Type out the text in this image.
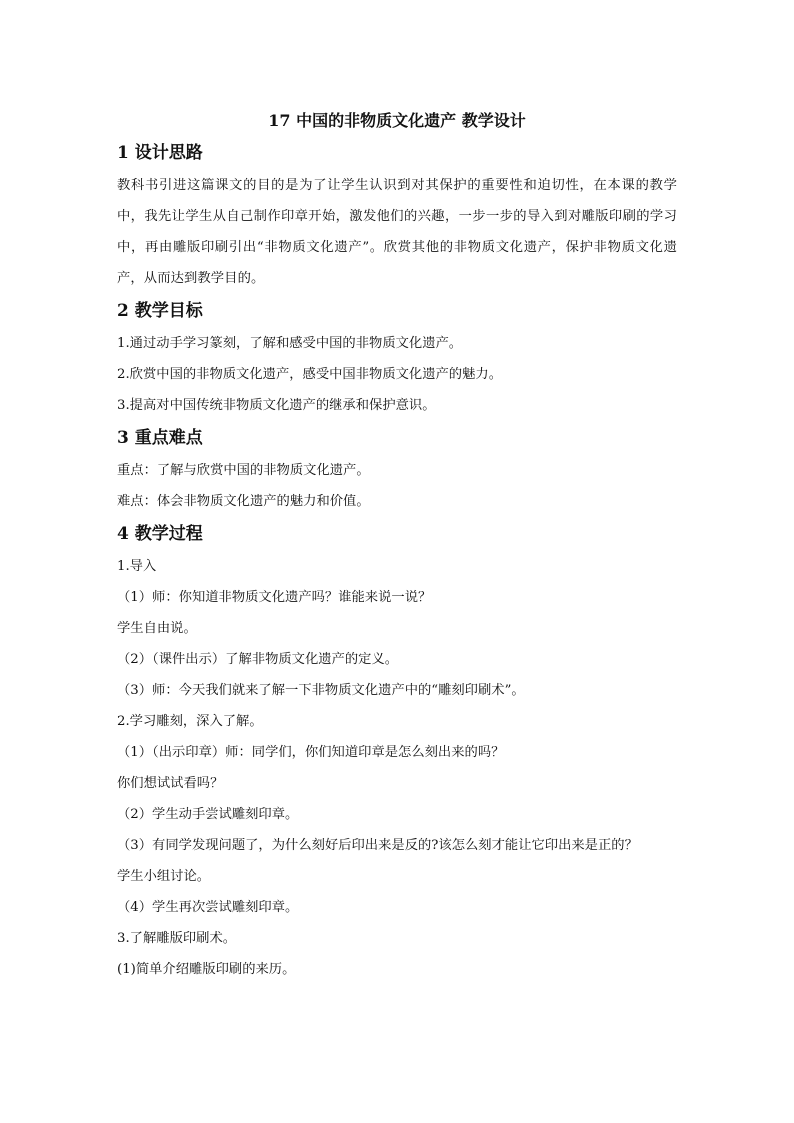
17 中国的非物质文化遗产 教学设计
1 设计思路

教科书引进这篇课文的目的是为了让学生认识到对其保护的重要性和迫切性，在本课的教学中，我先让学生从自己制作印章开始，激发他们的兴趣，一步一步的导入到对雕版印刷的学习中，再由雕版印刷引出“非物质文化遗产”。欣赏其他的非物质文化遗产，保护非物质文化遗产，从而达到教学目的。

2 教学目标

1.通过动手学习篆刻，了解和感受中国的非物质文化遗产。

2.欣赏中国的非物质文化遗产，感受中国非物质文化遗产的魅力。

3.提高对中国传统非物质文化遗产的继承和保护意识。

3 重点难点

重点：了解与欣赏中国的非物质文化遗产。

难点：体会非物质文化遗产的魅力和价值。

4 教学过程

1.导入

（1）师：你知道非物质文化遗产吗？谁能来说一说？

学生自由说。

（2）（课件出示）了解非物质文化遗产的定义。

（3）师：今天我们就来了解一下非物质文化遗产中的“雕刻印刷术”。

2.学习雕刻，深入了解。

（1）（出示印章）师：同学们，你们知道印章是怎么刻出来的吗？

你们想试试看吗？

（2）学生动手尝试雕刻印章。

（3）有同学发现问题了，为什么刻好后印出来是反的?该怎么刻才能让它印出来是正的？

学生小组讨论。

（4）学生再次尝试雕刻印章。

3.了解雕版印刷术。

(1)简单介绍雕版印刷的来历。
